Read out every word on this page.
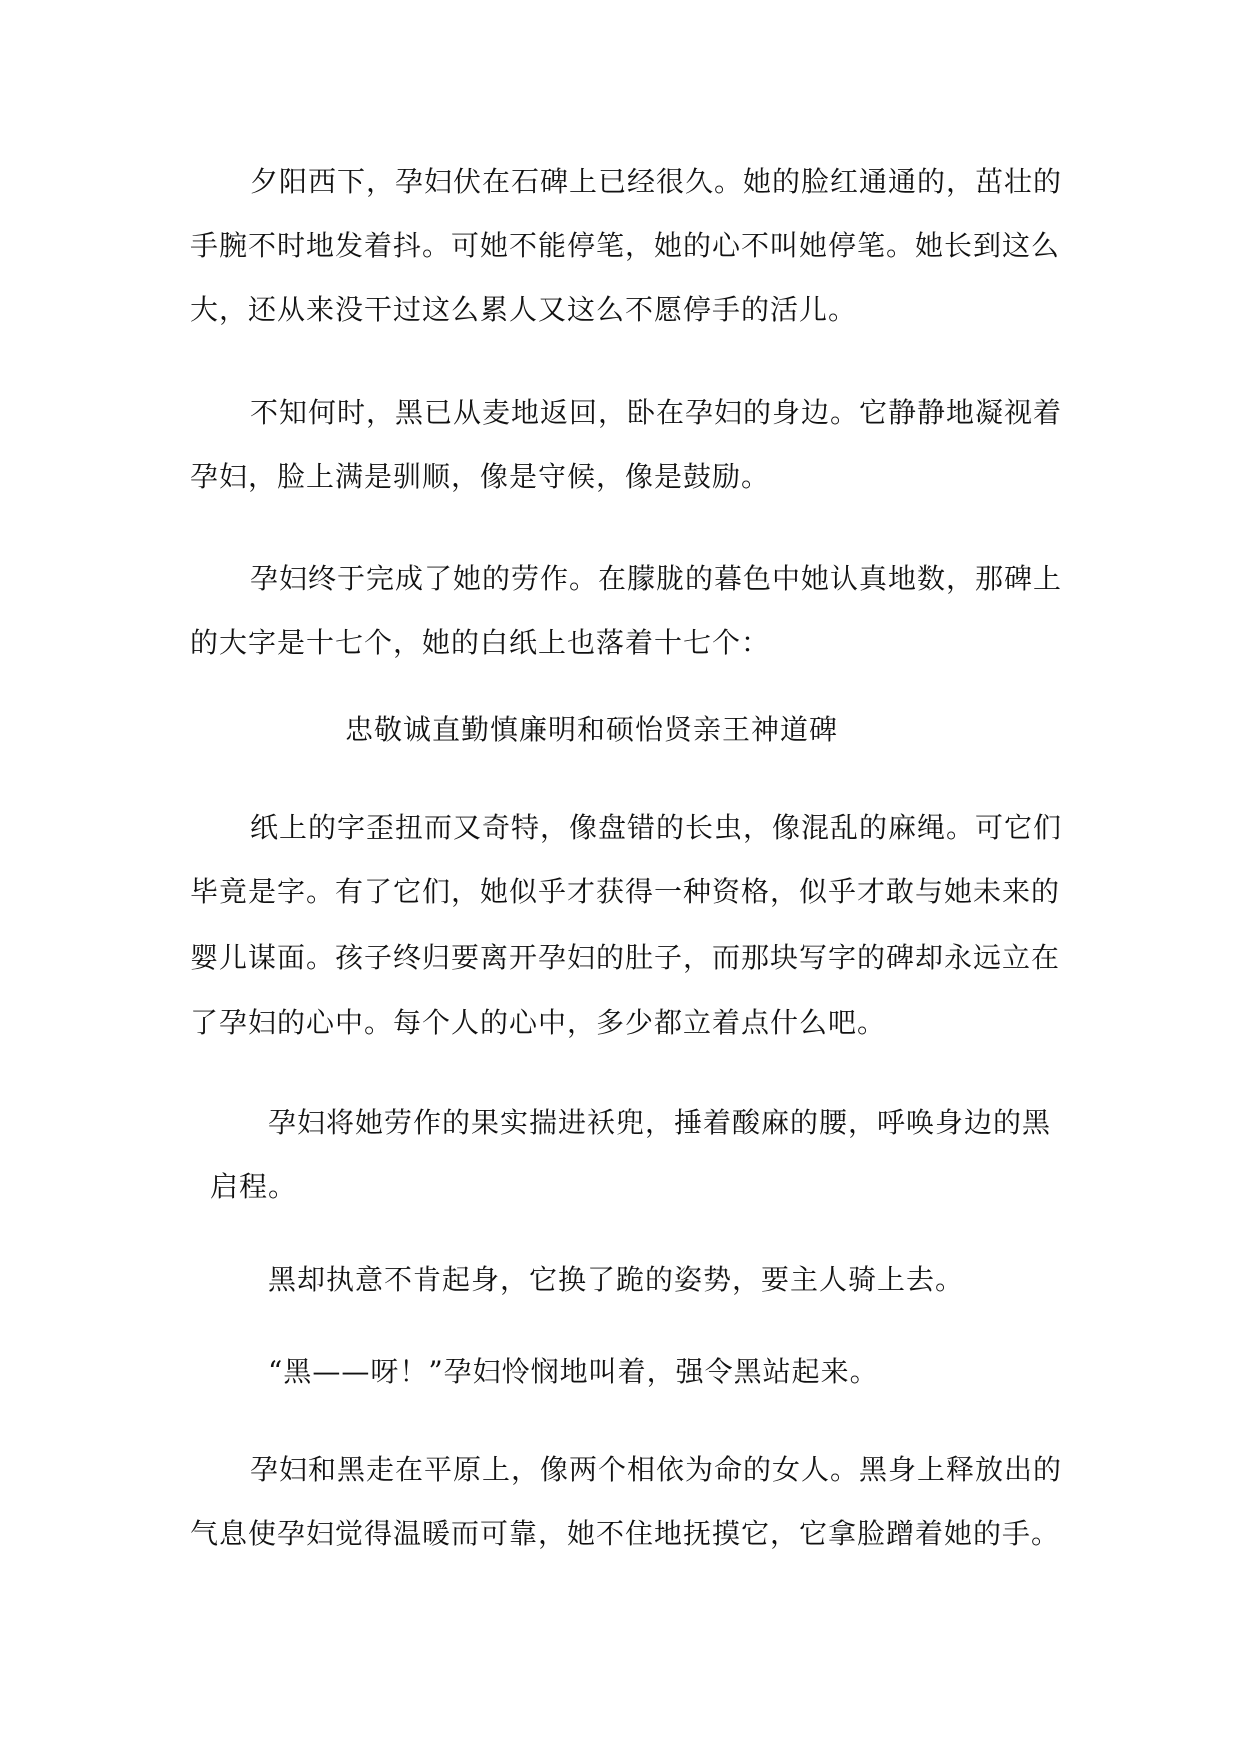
夕阳西下，孕妇伏在石碑上已经很久。她的脸红通通的，茁壮的
手腕不时地发着抖。可她不能停笔，她的心不叫她停笔。她长到这么
大，还从来没干过这么累人又这么不愿停手的活儿。
不知何时，黑已从麦地返回，卧在孕妇的身边。它静静地凝视着
孕妇，脸上满是驯顺，像是守候，像是鼓励。
孕妇终于完成了她的劳作。在朦胧的暮色中她认真地数，那碑上
的大字是十七个，她的白纸上也落着十七个：
忠敬诚直勤慎廉明和硕怡贤亲王神道碑
纸上的字歪扭而又奇特，像盘错的长虫，像混乱的麻绳。可它们
毕竟是字。有了它们，她似乎才获得一种资格，似乎才敢与她未来的
婴儿谋面。孩子终归要离开孕妇的肚子，而那块写字的碑却永远立在
了孕妇的心中。每个人的心中，多少都立着点什么吧。
孕妇将她劳作的果实揣进袄兜，捶着酸麻的腰，呼唤身边的黑
启程。
黑却执意不肯起身，它换了跪的姿势，要主人骑上去。
“黑——呀！”孕妇怜悯地叫着，强令黑站起来。
孕妇和黑走在平原上，像两个相依为命的女人。黑身上释放出的
气息使孕妇觉得温暖而可靠，她不住地抚摸它，它拿脸蹭着她的手。
